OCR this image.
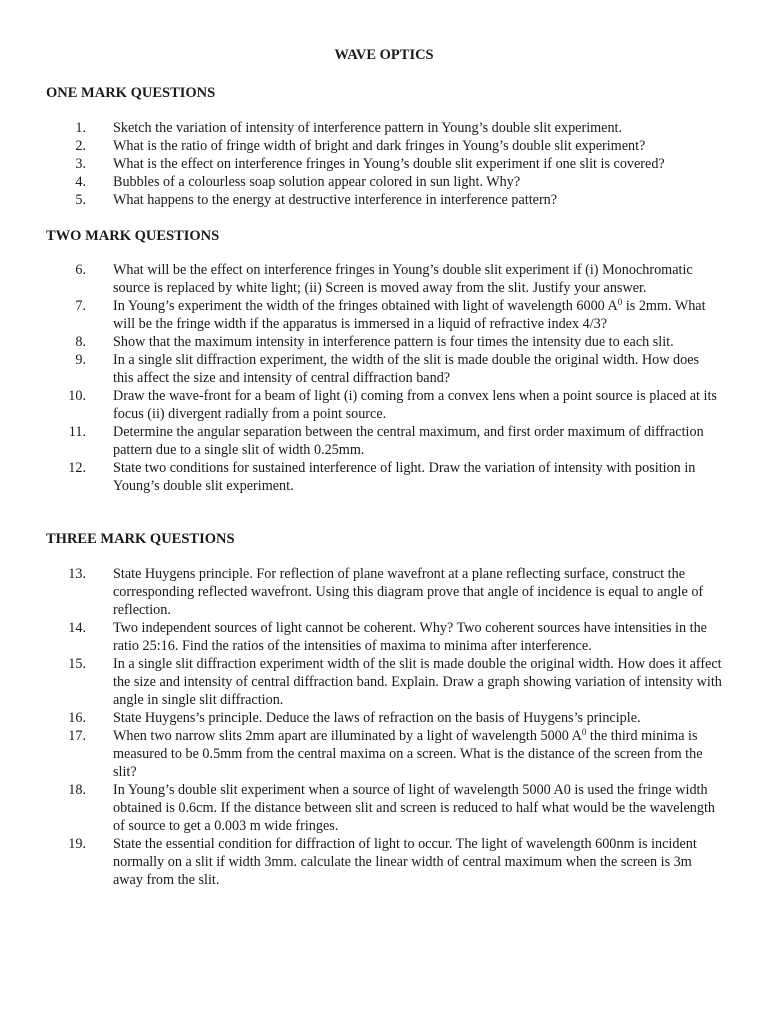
WAVE OPTICS
ONE MARK QUESTIONS
1. Sketch the variation of intensity of interference pattern in Young’s double slit experiment.
2. What is the ratio of fringe width of bright and dark fringes in Young’s double slit experiment?
3. What is the effect on interference fringes in Young’s double slit experiment if one slit is covered?
4. Bubbles of a colourless soap solution appear colored in sun light. Why?
5. What happens to the energy at destructive interference in interference pattern?
TWO MARK QUESTIONS
6. What will be the effect on interference fringes in Young’s double slit experiment if (i) Monochromatic source is replaced by white light; (ii) Screen is moved away from the slit. Justify your answer.
7. In Young’s experiment the width of the fringes obtained with light of wavelength 6000 $A^0$ is 2mm. What will be the fringe width if the apparatus is immersed in a liquid of refractive index 4/3?
8. Show that the maximum intensity in interference pattern is four times the intensity due to each slit.
9. In a single slit diffraction experiment, the width of the slit is made double the original width. How does this affect the size and intensity of central diffraction band?
10. Draw the wave-front for a beam of light (i) coming from a convex lens when a point source is placed at its focus (ii) divergent radially from a point source.
11. Determine the angular separation between the central maximum, and first order maximum of diffraction pattern due to a single slit of width 0.25mm.
12. State two conditions for sustained interference of light. Draw the variation of intensity with position in Young’s double slit experiment.
THREE MARK QUESTIONS
13. State Huygens principle. For reflection of plane wavefront at a plane reflecting surface, construct the corresponding reflected wavefront. Using this diagram prove that angle of incidence is equal to angle of reflection.
14. Two independent sources of light cannot be coherent. Why? Two coherent sources have intensities in the ratio 25:16. Find the ratios of the intensities of maxima to minima after interference.
15. In a single slit diffraction experiment width of the slit is made double the original width. How does it affect the size and intensity of central diffraction band. Explain. Draw a graph showing variation of intensity with angle in single slit diffraction.
16. State Huygens’s principle. Deduce the laws of refraction on the basis of Huygens’s principle.
17. When two narrow slits 2mm apart are illuminated by a light of wavelength 5000 $A^0$ the third minima is measured to be 0.5mm from the central maxima on a screen. What is the distance of the screen from the slit?
18. In Young’s double slit experiment when a source of light of wavelength 5000 A0 is used the fringe width obtained is 0.6cm. If the distance between slit and screen is reduced to half what would be the wavelength of source to get a 0.003 m wide fringes.
19. State the essential condition for diffraction of light to occur. The light of wavelength 600nm is incident normally on a slit if width 3mm. calculate the linear width of central maximum when the screen is 3m away from the slit.
